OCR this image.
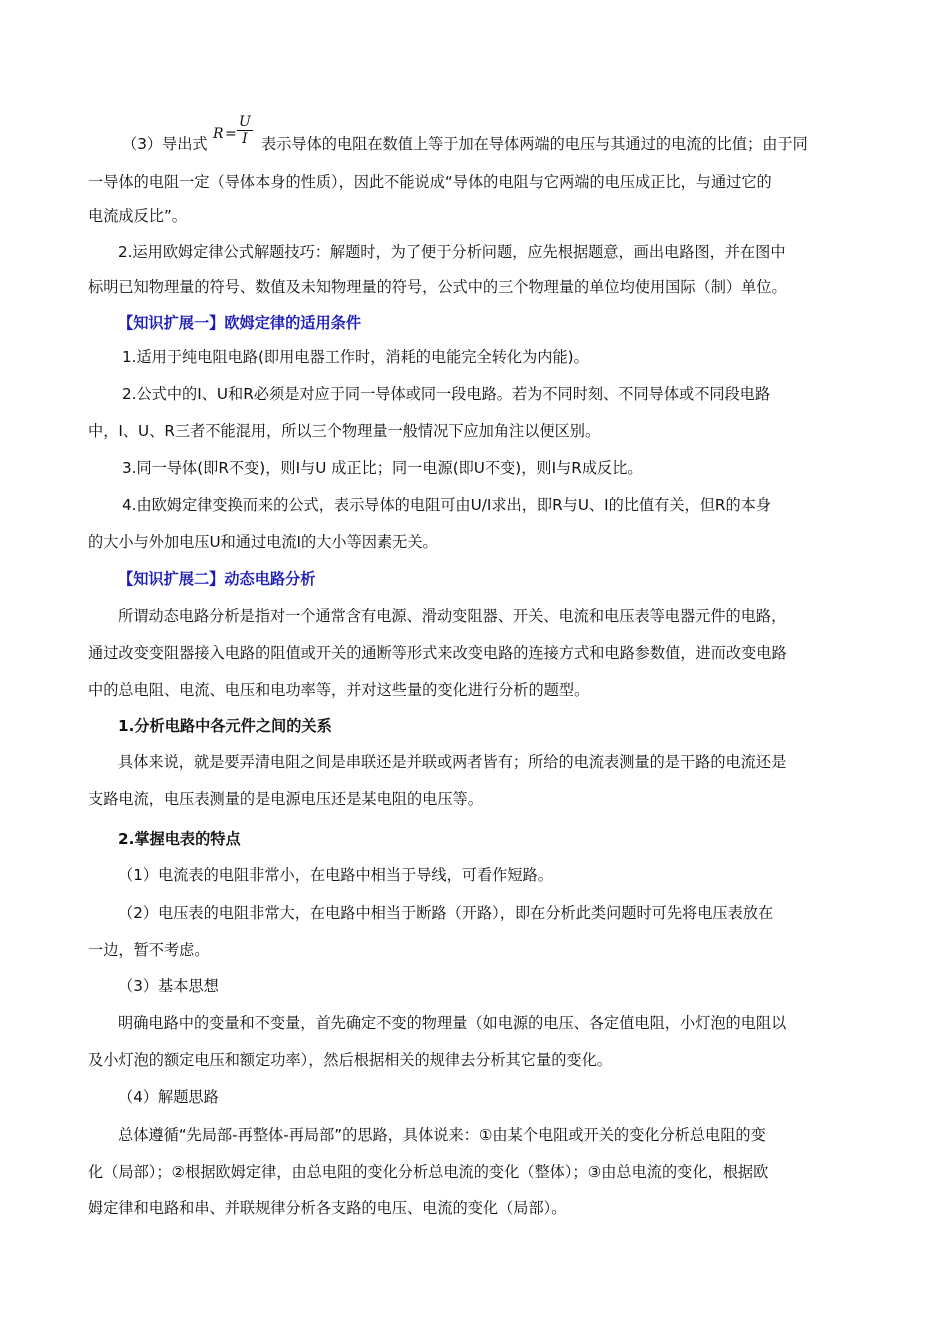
（3）导出式	表示导体的电阻在数值上等于加在导体两端的电压与其通过的电流的比值；由于同
$R = \frac{U}{I}$
一导体的电阻一定（导体本身的性质），因此不能说成“导体的电阻与它两端的电压成正比，与通过它的
电流成反比”。
2.运用欧姆定律公式解题技巧：解题时，为了便于分析问题，应先根据题意，画出电路图，并在图中
标明已知物理量的符号、数值及未知物理量的符号，公式中的三个物理量的单位均使用国际（制）单位。
【知识扩展一】欧姆定律的适用条件
1.适用于纯电阻电路(即用电器工作时，消耗的电能完全转化为内能)。
2.公式中的I、U和R必须是对应于同一导体或同一段电路。若为不同时刻、不同导体或不同段电路
中，I、U、R三者不能混用，所以三个物理量一般情况下应加角注以便区别。
3.同一导体(即R不变)，则I与U 成正比；同一电源(即U不变)，则I与R成反比。
4.由欧姆定律变换而来的公式，表示导体的电阻可由U/I求出，即R与U、I的比值有关，但R的本身
的大小与外加电压U和通过电流I的大小等因素无关。
【知识扩展二】动态电路分析
所谓动态电路分析是指对一个通常含有电源、滑动变阻器、开关、电流和电压表等电器元件的电路，
通过改变变阻器接入电路的阻值或开关的通断等形式来改变电路的连接方式和电路参数值，进而改变电路
中的总电阻、电流、电压和电功率等，并对这些量的变化进行分析的题型。
1.分析电路中各元件之间的关系
具体来说，就是要弄清电阻之间是串联还是并联或两者皆有；所给的电流表测量的是干路的电流还是
支路电流，电压表测量的是电源电压还是某电阻的电压等。
2.掌握电表的特点
（1）电流表的电阻非常小，在电路中相当于导线，可看作短路。
（2）电压表的电阻非常大，在电路中相当于断路（开路），即在分析此类问题时可先将电压表放在
一边，暂不考虑。
（3）基本思想
明确电路中的变量和不变量，首先确定不变的物理量（如电源的电压、各定值电阻，小灯泡的电阻以
及小灯泡的额定电压和额定功率），然后根据相关的规律去分析其它量的变化。
（4）解题思路
总体遵循“先局部-再整体-再局部”的思路，具体说来：①由某个电阻或开关的变化分析总电阻的变
化（局部）；②根据欧姆定律，由总电阻的变化分析总电流的变化（整体）；③由总电流的变化，根据欧
姆定律和电路和串、并联规律分析各支路的电压、电流的变化（局部）。
